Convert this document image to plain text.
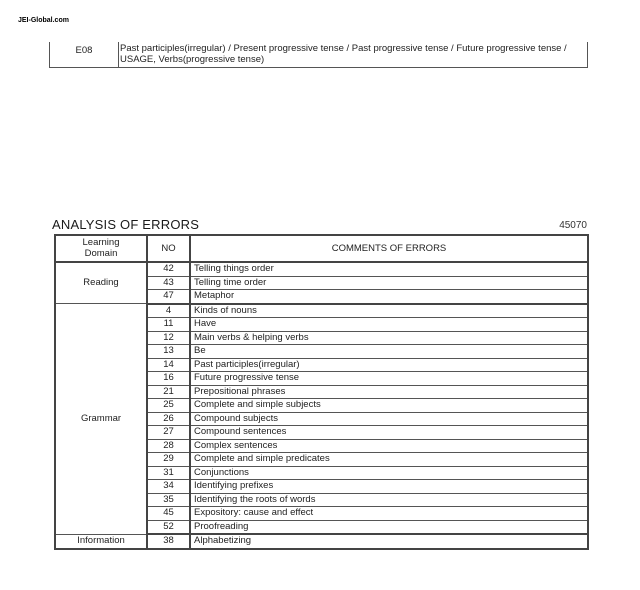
JEI-Global.com
E08	Past participles(irregular) / Present progressive tense / Past progressive tense / Future progressive tense / USAGE, Verbs(progressive tense)
ANALYSIS OF ERRORS	45070
Learning
Domain	NO	COMMENTS OF ERRORS
Reading	42	Telling things order
	43	Telling time order
	47	Metaphor
Grammar	4	Kinds of nouns
	11	Have
	12	Main verbs & helping verbs
	13	Be
	14	Past participles(irregular)
	16	Future progressive tense
	21	Prepositional phrases
	25	Complete and simple subjects
	26	Compound subjects
	27	Compound sentences
	28	Complex sentences
	29	Complete and simple predicates
	31	Conjunctions
	34	Identifying prefixes
	35	Identifying the roots of words
	45	Expository: cause and effect
	52	Proofreading
Information	38	Alphabetizing
